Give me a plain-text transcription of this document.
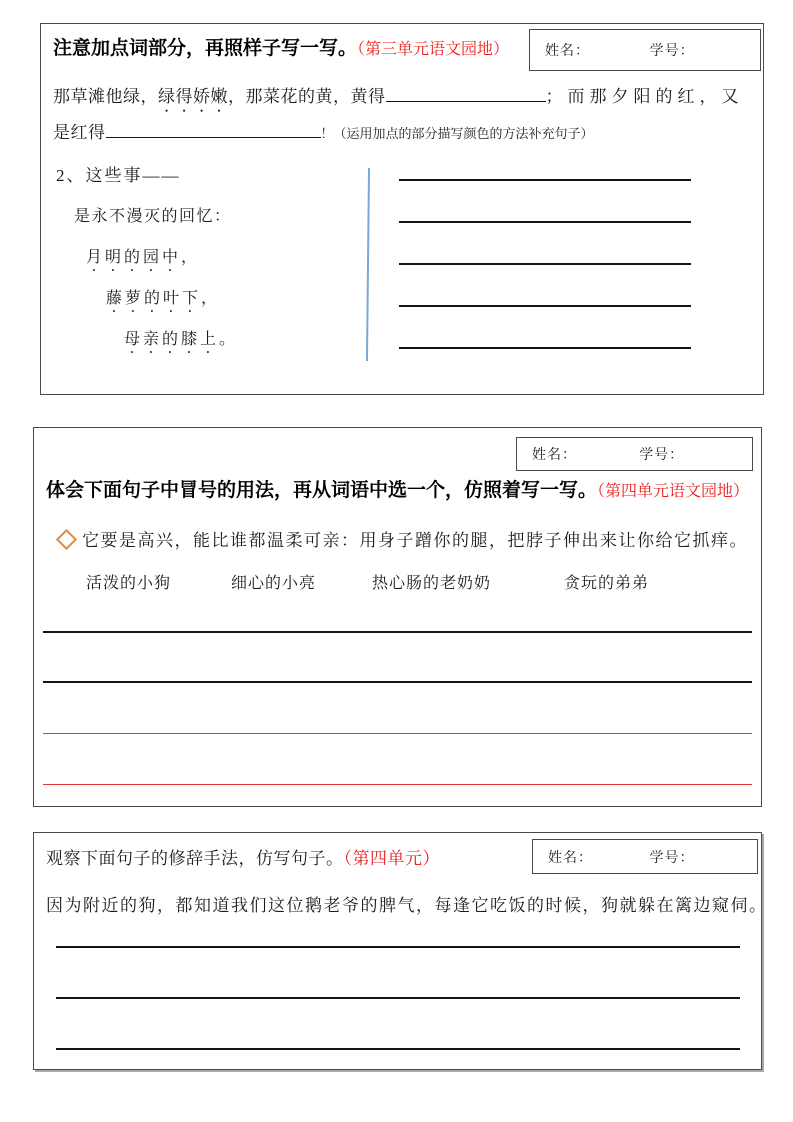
姓名：	学号：
注意加点词部分，再照样子写一写。（第三单元语文园地）
那草滩他绿，绿得娇嫩，那菜花的黄，黄得	；而那夕阳的红，又
是红得	！（运用加点的部分描写颜色的方法补充句子）
2、这些事——
是永不漫灭的回忆：
月明的园中，
藤萝的叶下，
母亲的膝上。
姓名：	学号：
体会下面句子中冒号的用法，再从词语中选一个，仿照着写一写。（第四单元语文园地）
它要是高兴，能比谁都温柔可亲：用身子蹭你的腿，把脖子伸出来让你给它抓痒。
活泼的小狗	细心的小亮	热心肠的老奶奶	贪玩的弟弟
姓名：	学号：
观察下面句子的修辞手法，仿写句子。（第四单元）
因为附近的狗，都知道我们这位鹅老爷的脾气，每逢它吃饭的时候，狗就躲在篱边窥伺。
